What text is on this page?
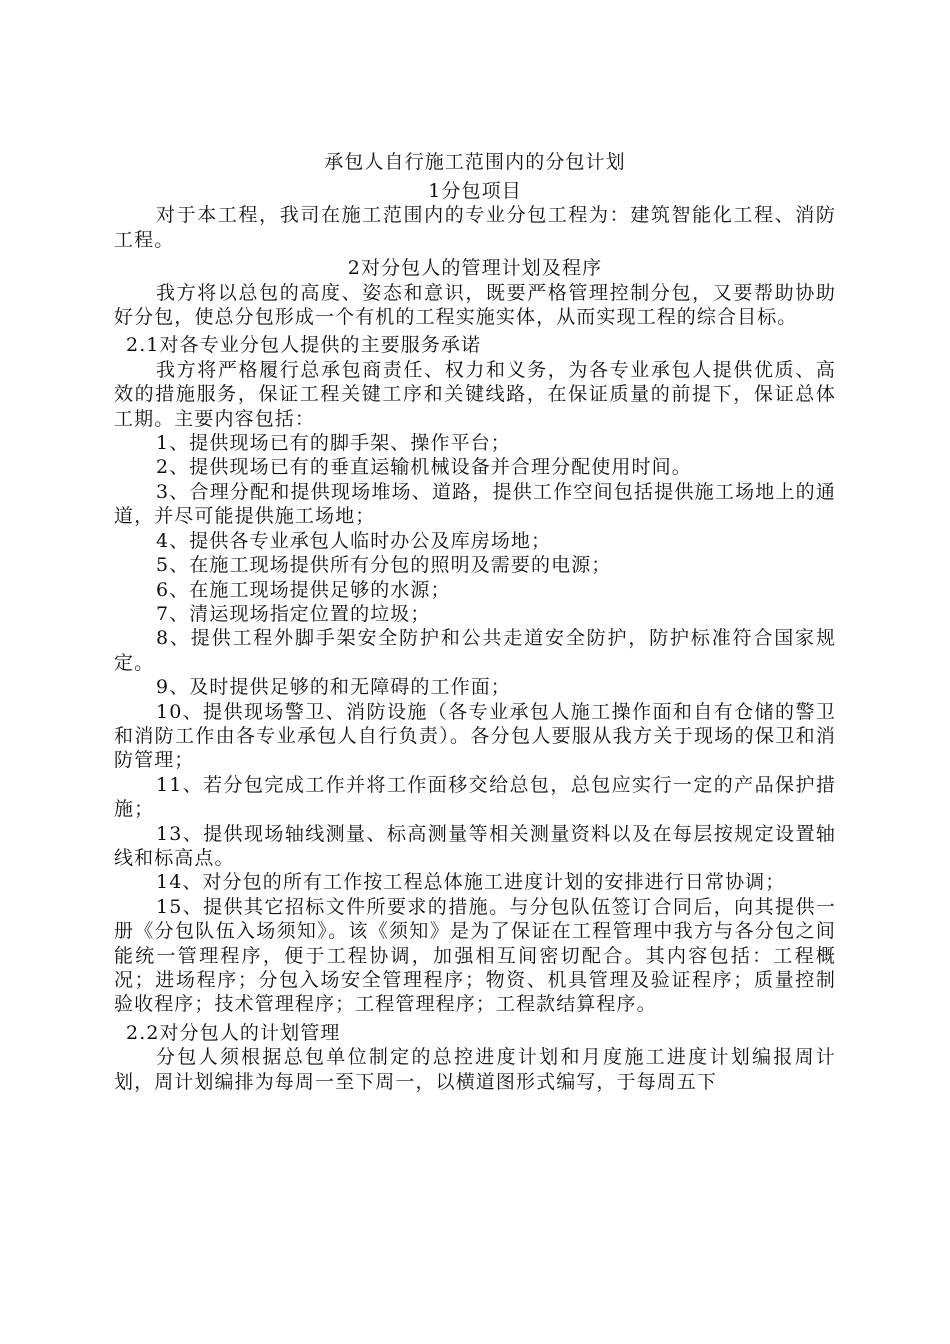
承包人自行施工范围内的分包计划
1分包项目
对于本工程，我司在施工范围内的专业分包工程为：建筑智能化工程、消防工程。
2对分包人的管理计划及程序
我方将以总包的高度、姿态和意识，既要严格管理控制分包，又要帮助协助好分包，使总分包形成一个有机的工程实施实体，从而实现工程的综合目标。
2.1对各专业分包人提供的主要服务承诺
我方将严格履行总承包商责任、权力和义务，为各专业承包人提供优质、高效的措施服务，保证工程关键工序和关键线路，在保证质量的前提下，保证总体工期。主要内容包括：
1、提供现场已有的脚手架、操作平台；
2、提供现场已有的垂直运输机械设备并合理分配使用时间。
3、合理分配和提供现场堆场、道路，提供工作空间包括提供施工场地上的通道，并尽可能提供施工场地；
4、提供各专业承包人临时办公及库房场地；
5、在施工现场提供所有分包的照明及需要的电源；
6、在施工现场提供足够的水源；
7、清运现场指定位置的垃圾；
8、提供工程外脚手架安全防护和公共走道安全防护，防护标准符合国家规定。
9、及时提供足够的和无障碍的工作面；
10、提供现场警卫、消防设施（各专业承包人施工操作面和自有仓储的警卫和消防工作由各专业承包人自行负责）。各分包人要服从我方关于现场的保卫和消防管理；
11、若分包完成工作并将工作面移交给总包，总包应实行一定的产品保护措施；
13、提供现场轴线测量、标高测量等相关测量资料以及在每层按规定设置轴线和标高点。
14、对分包的所有工作按工程总体施工进度计划的安排进行日常协调；
15、提供其它招标文件所要求的措施。与分包队伍签订合同后，向其提供一册《分包队伍入场须知》。该《须知》是为了保证在工程管理中我方与各分包之间能统一管理程序，便于工程协调，加强相互间密切配合。其内容包括：工程概况；进场程序；分包入场安全管理程序；物资、机具管理及验证程序；质量控制验收程序；技术管理程序；工程管理程序；工程款结算程序。
2.2对分包人的计划管理
分包人须根据总包单位制定的总控进度计划和月度施工进度计划编报周计划，周计划编排为每周一至下周一，以横道图形式编写，于每周五下
